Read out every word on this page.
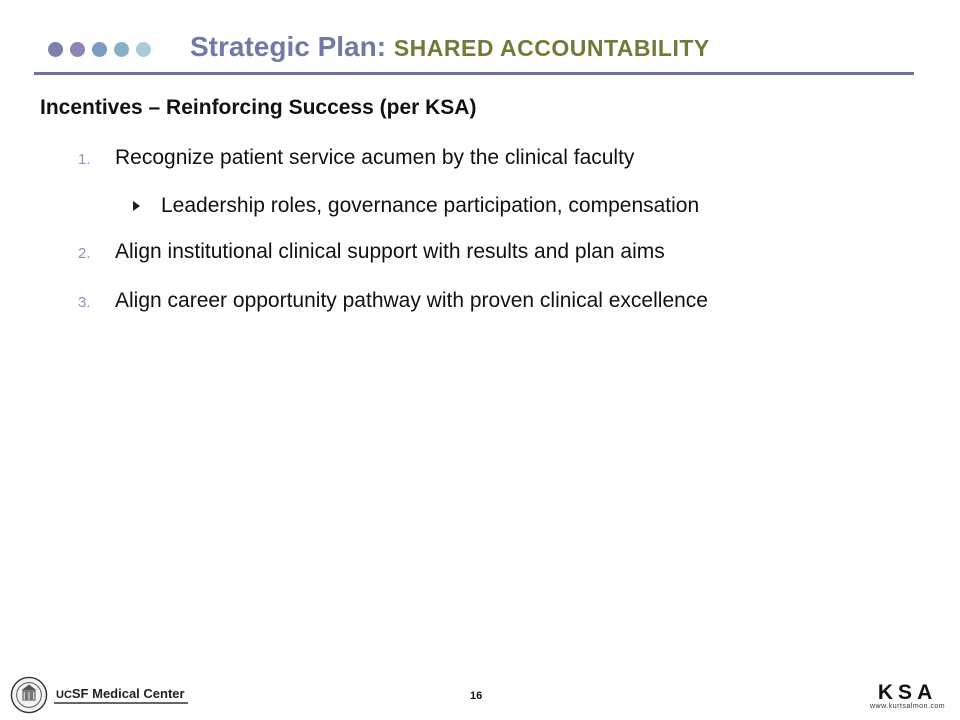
Strategic Plan: SHARED ACCOUNTABILITY
Incentives – Reinforcing Success (per KSA)
1.	Recognize patient service acumen by the clinical faculty
Leadership roles, governance participation, compensation
2.	Align institutional clinical support with results and plan aims
3.	Align career opportunity pathway with proven clinical excellence
UCSF Medical Center	16	KSA
www.kurtsalmon.com
